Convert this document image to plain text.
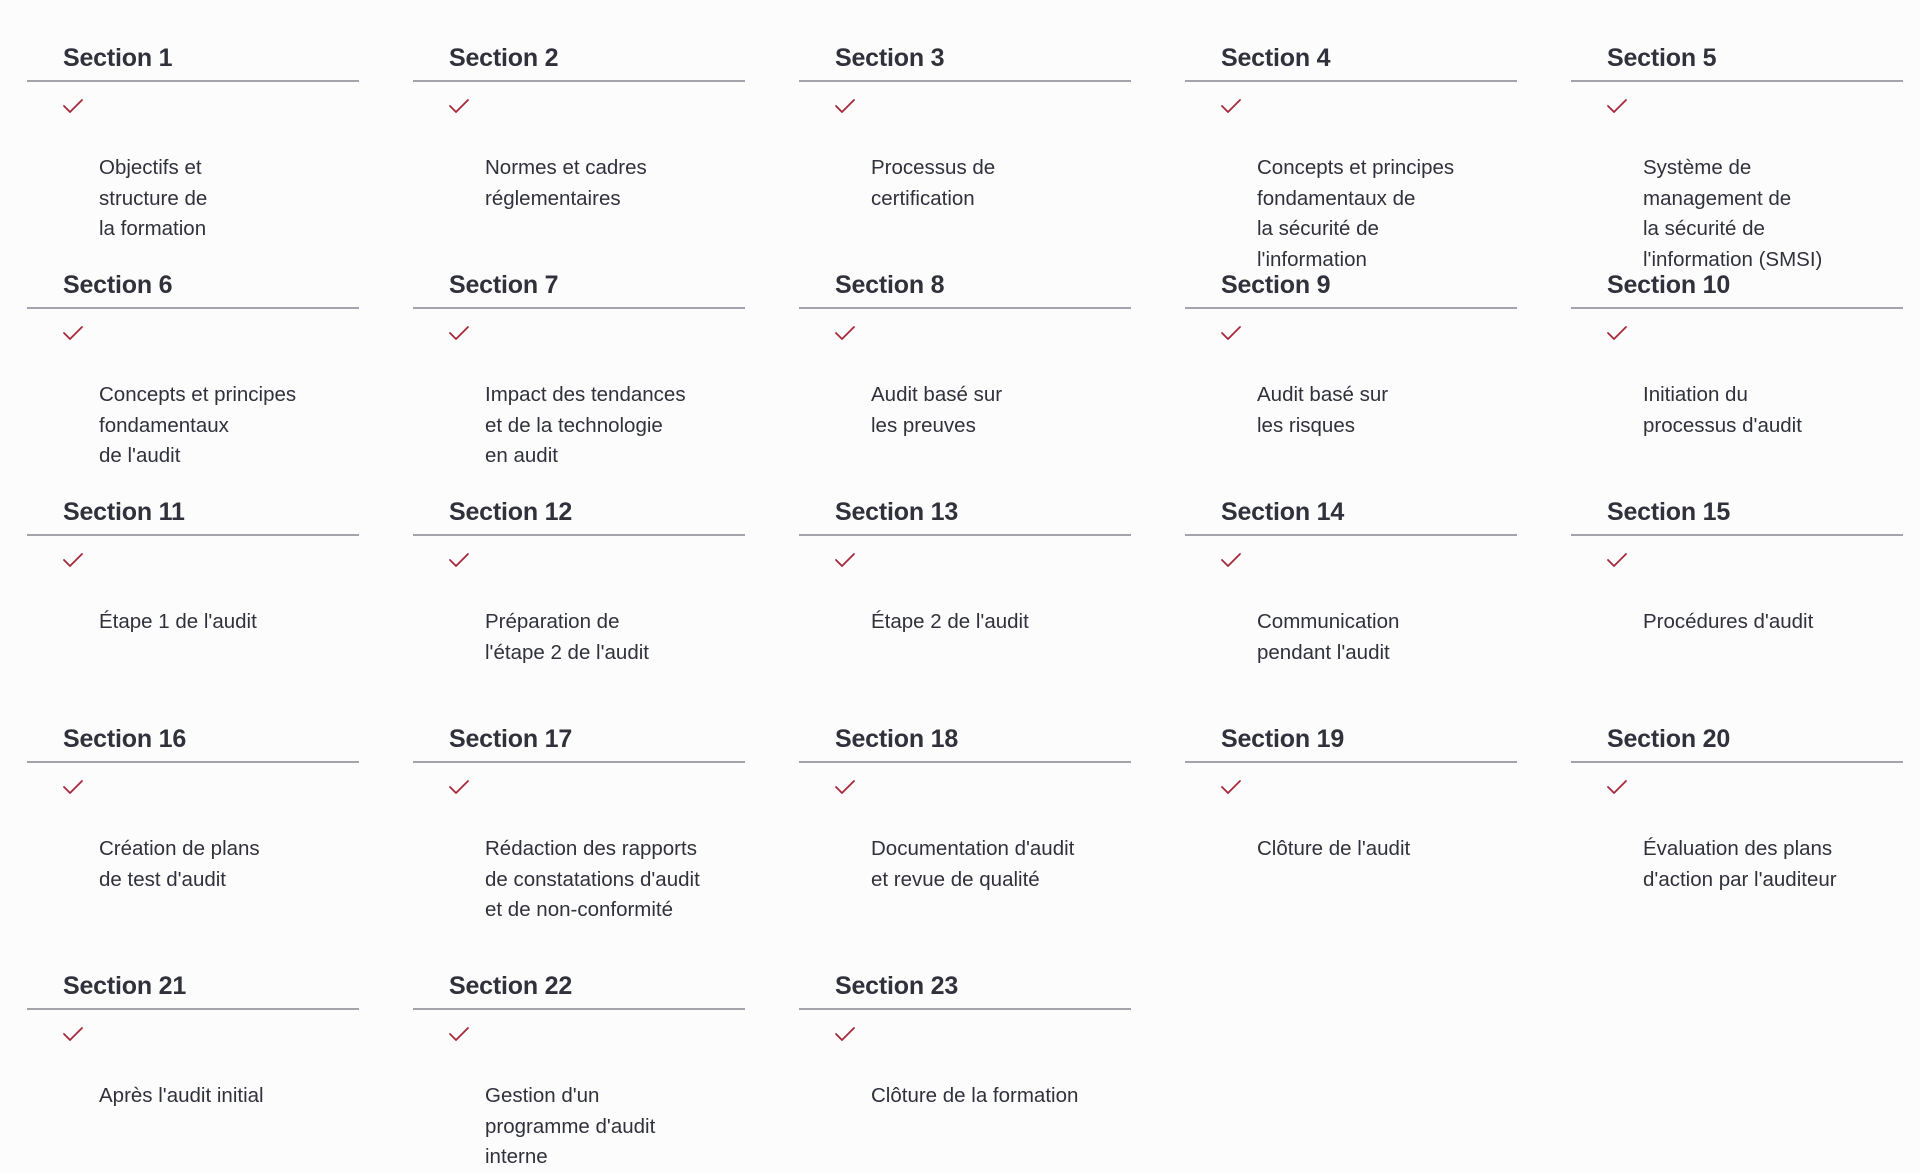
Section 1

Objectifs et
structure de
la formation

Section 2

Normes et cadres
réglementaires

Section 3

Processus de
certification

Section 4

Concepts et principes
fondamentaux de
la sécurité de
l'information

Section 5

Système de
management de
la sécurité de
l'information (SMSI)

Section 6

Concepts et principes
fondamentaux
de l'audit

Section 7

Impact des tendances
et de la technologie
en audit

Section 8

Audit basé sur
les preuves

Section 9

Audit basé sur
les risques

Section 10

Initiation du
processus d'audit

Section 11

Étape 1 de l'audit

Section 12

Préparation de
l'étape 2 de l'audit

Section 13

Étape 2 de l'audit

Section 14

Communication
pendant l'audit

Section 15

Procédures d'audit

Section 16

Création de plans
de test d'audit

Section 17

Rédaction des rapports
de constatations d'audit
et de non-conformité

Section 18

Documentation d'audit
et revue de qualité

Section 19

Clôture de l'audit

Section 20

Évaluation des plans
d'action par l'auditeur

Section 21

Après l'audit initial

Section 22

Gestion d'un
programme d'audit
interne

Section 23

Clôture de la formation
